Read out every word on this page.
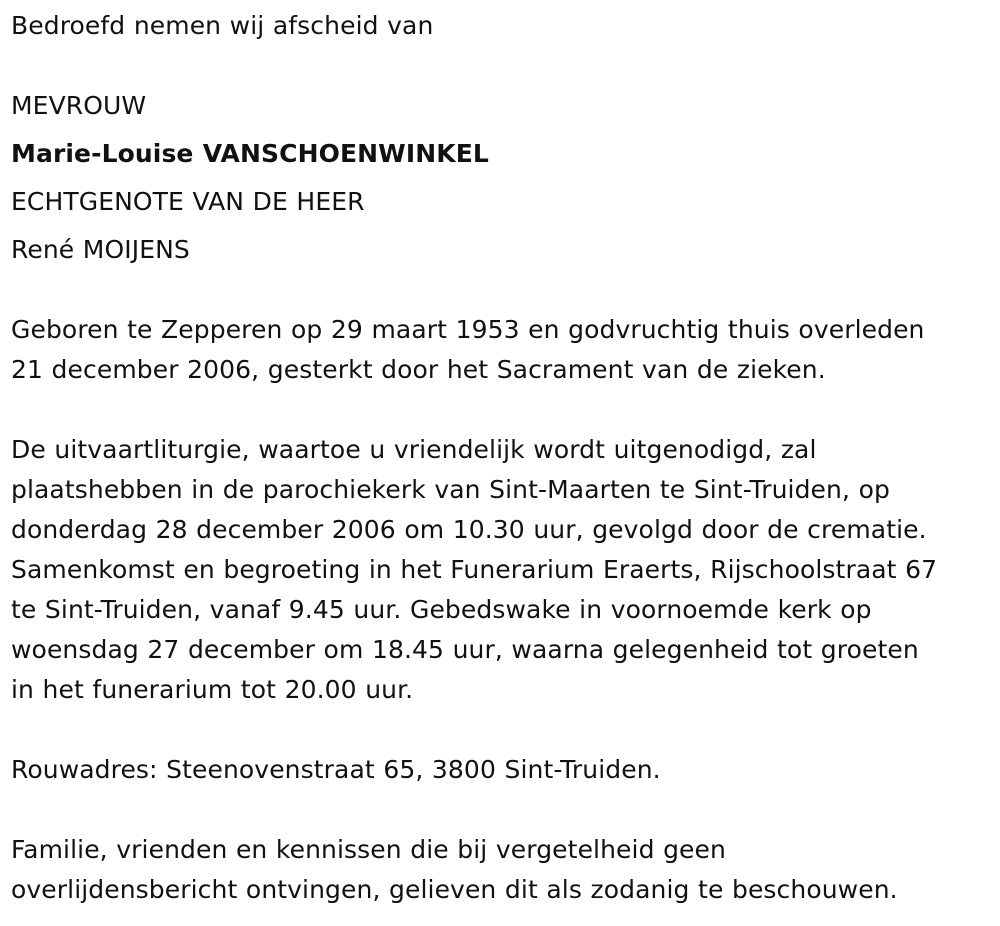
Bedroefd nemen wij afscheid van
MEVROUW
Marie-Louise VANSCHOENWINKEL
ECHTGENOTE VAN DE HEER
René MOIJENS
Geboren te Zepperen op 29 maart 1953 en godvruchtig thuis overleden
21 december 2006, gesterkt door het Sacrament van de zieken.
De uitvaartliturgie, waartoe u vriendelijk wordt uitgenodigd, zal
plaatshebben in de parochiekerk van Sint-Maarten te Sint-Truiden, op
donderdag 28 december 2006 om 10.30 uur, gevolgd door de crematie.
Samenkomst en begroeting in het Funerarium Eraerts, Rijschoolstraat 67
te Sint-Truiden, vanaf 9.45 uur. Gebedswake in voornoemde kerk op
woensdag 27 december om 18.45 uur, waarna gelegenheid tot groeten
in het funerarium tot 20.00 uur.
Rouwadres: Steenovenstraat 65, 3800 Sint-Truiden.
Familie, vrienden en kennissen die bij vergetelheid geen
overlijdensbericht ontvingen, gelieven dit als zodanig te beschouwen.
